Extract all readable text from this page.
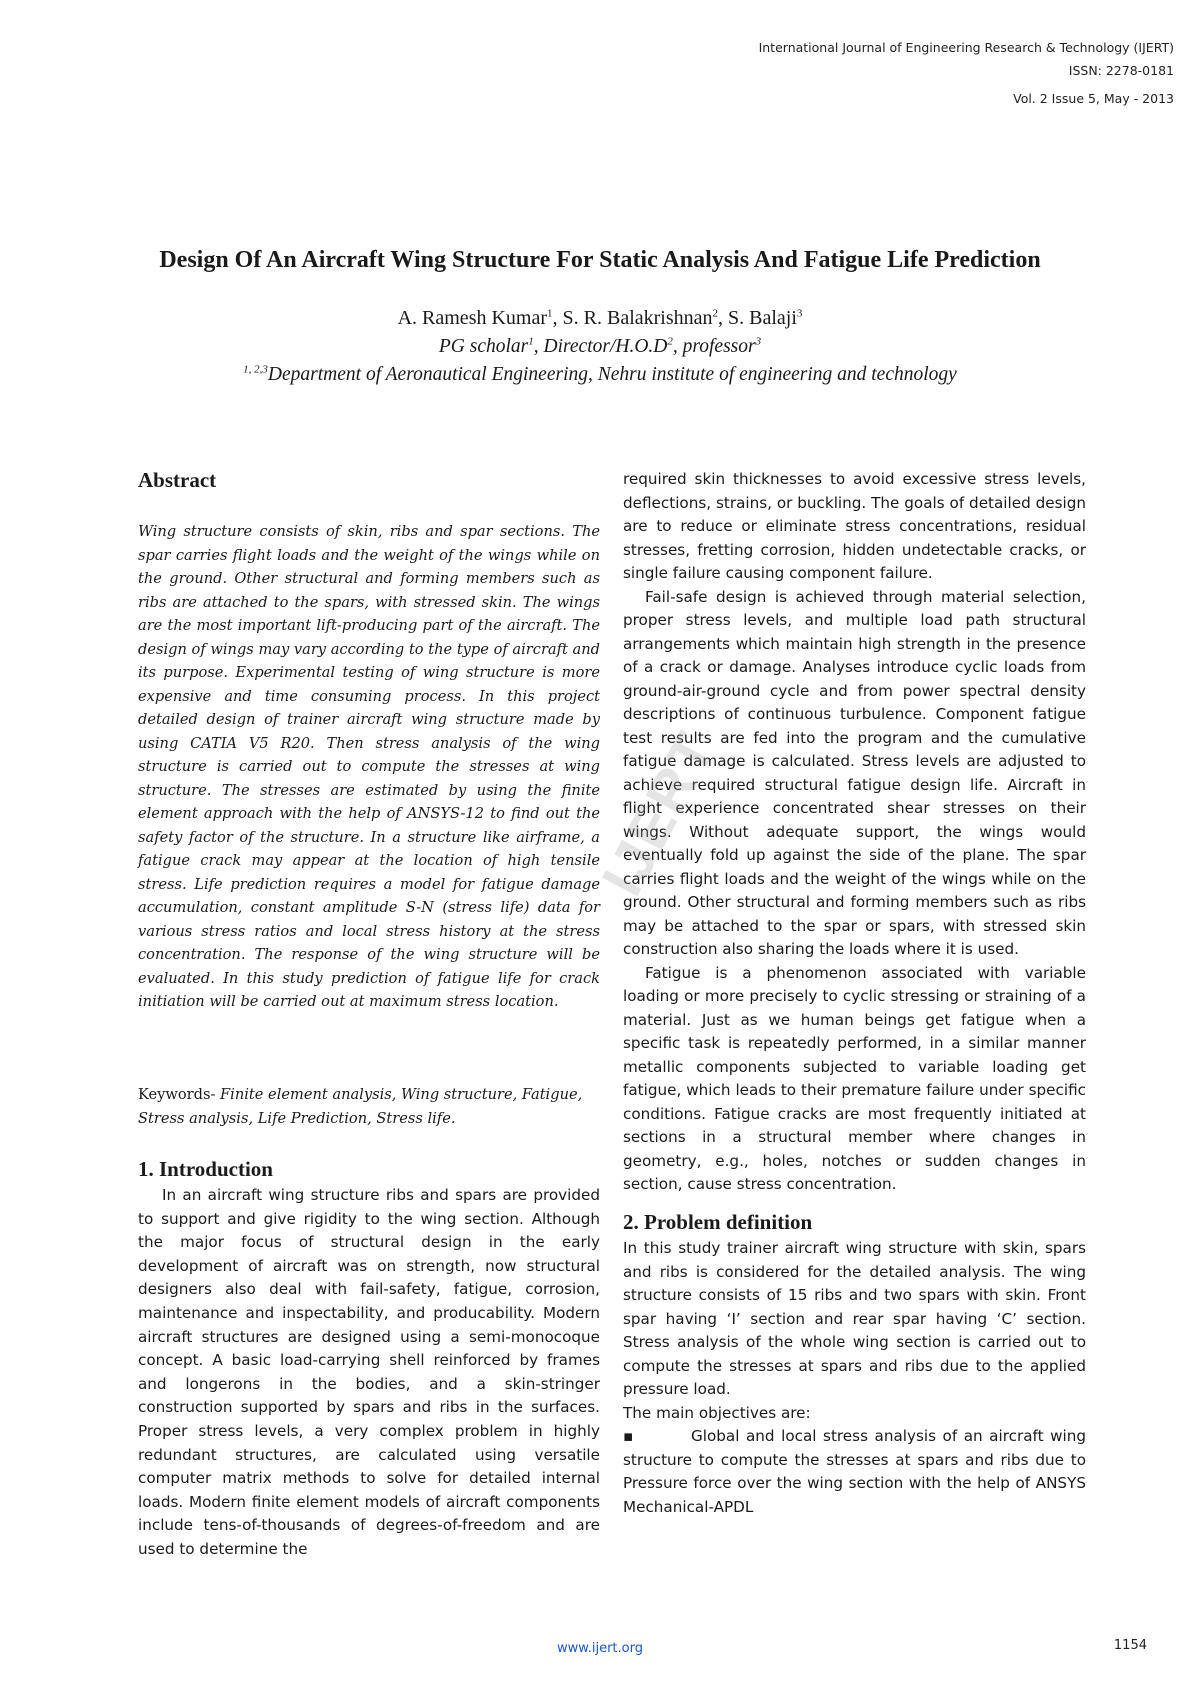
International Journal of Engineering Research & Technology (IJERT)
ISSN: 2278-0181
Vol. 2 Issue 5, May - 2013
Design Of An Aircraft Wing Structure For Static Analysis And Fatigue Life Prediction
A. Ramesh Kumar$^1$, S. R. Balakrishnan$^2$, S. Balaji$^3$
PG scholar$^1$, Director/$H.O.D^2$, professor$^3$
$^{1, 2,3}$Department of Aeronautical Engineering, Nehru institute of engineering and technology
Abstract
Wing structure consists of skin, ribs and spar sections. The spar carries flight loads and the weight of the wings while on the ground. Other structural and forming members such as ribs are attached to the spars, with stressed skin. The wings are the most important lift-producing part of the aircraft. The design of wings may vary according to the type of aircraft and its purpose. Experimental testing of wing structure is more expensive and time consuming process. In this project detailed design of trainer aircraft wing structure made by using CATIA V5 R20. Then stress analysis of the wing structure is carried out to compute the stresses at wing structure. The stresses are estimated by using the finite element approach with the help of ANSYS-12 to find out the safety factor of the structure. In a structure like airframe, a fatigue crack may appear at the location of high tensile stress. Life prediction requires a model for fatigue damage accumulation, constant amplitude S-N (stress life) data for various stress ratios and local stress history at the stress concentration. The response of the wing structure will be evaluated. In this study prediction of fatigue life for crack initiation will be carried out at maximum stress location.
Keywords- Finite element analysis, Wing structure, Fatigue, Stress analysis, Life Prediction, Stress life.
1. Introduction
In an aircraft wing structure ribs and spars are provided to support and give rigidity to the wing section. Although the major focus of structural design in the early development of aircraft was on strength, now structural designers also deal with fail-safety, fatigue, corrosion, maintenance and inspectability, and producability. Modern aircraft structures are designed using a semi-monocoque concept. A basic load-carrying shell reinforced by frames and longerons in the bodies, and a skin-stringer construction supported by spars and ribs in the surfaces. Proper stress levels, a very complex problem in highly redundant structures, are calculated using versatile computer matrix methods to solve for detailed internal loads. Modern finite element models of aircraft components include tens-of-thousands of degrees-of-freedom and are used to determine the

required skin thicknesses to avoid excessive stress levels, deflections, strains, or buckling. The goals of detailed design are to reduce or eliminate stress concentrations, residual stresses, fretting corrosion, hidden undetectable cracks, or single failure causing component failure.

Fail-safe design is achieved through material selection, proper stress levels, and multiple load path structural arrangements which maintain high strength in the presence of a crack or damage. Analyses introduce cyclic loads from ground-air-ground cycle and from power spectral density descriptions of continuous turbulence. Component fatigue test results are fed into the program and the cumulative fatigue damage is calculated. Stress levels are adjusted to achieve required structural fatigue design life. Aircraft in flight experience concentrated shear stresses on their wings. Without adequate support, the wings would eventually fold up against the side of the plane. The spar carries flight loads and the weight of the wings while on the ground. Other structural and forming members such as ribs may be attached to the spar or spars, with stressed skin construction also sharing the loads where it is used.

Fatigue is a phenomenon associated with variable loading or more precisely to cyclic stressing or straining of a material. Just as we human beings get fatigue when a specific task is repeatedly performed, in a similar manner metallic components subjected to variable loading get fatigue, which leads to their premature failure under specific conditions. Fatigue cracks are most frequently initiated at sections in a structural member where changes in geometry, e.g., holes, notches or sudden changes in section, cause stress concentration.

2. Problem definition

In this study trainer aircraft wing structure with skin, spars and ribs is considered for the detailed analysis. The wing structure consists of 15 ribs and two spars with skin. Front spar having ‘I’ section and rear spar having ‘C’ section. Stress analysis of the whole wing section is carried out to compute the stresses at spars and ribs due to the applied pressure load.

The main objectives are:

▪	Global and local stress analysis of an aircraft wing structure to compute the stresses at spars and ribs due to Pressure force over the wing section with the help of ANSYS Mechanical-APDL

IJERT
www.ijert.org	1154
